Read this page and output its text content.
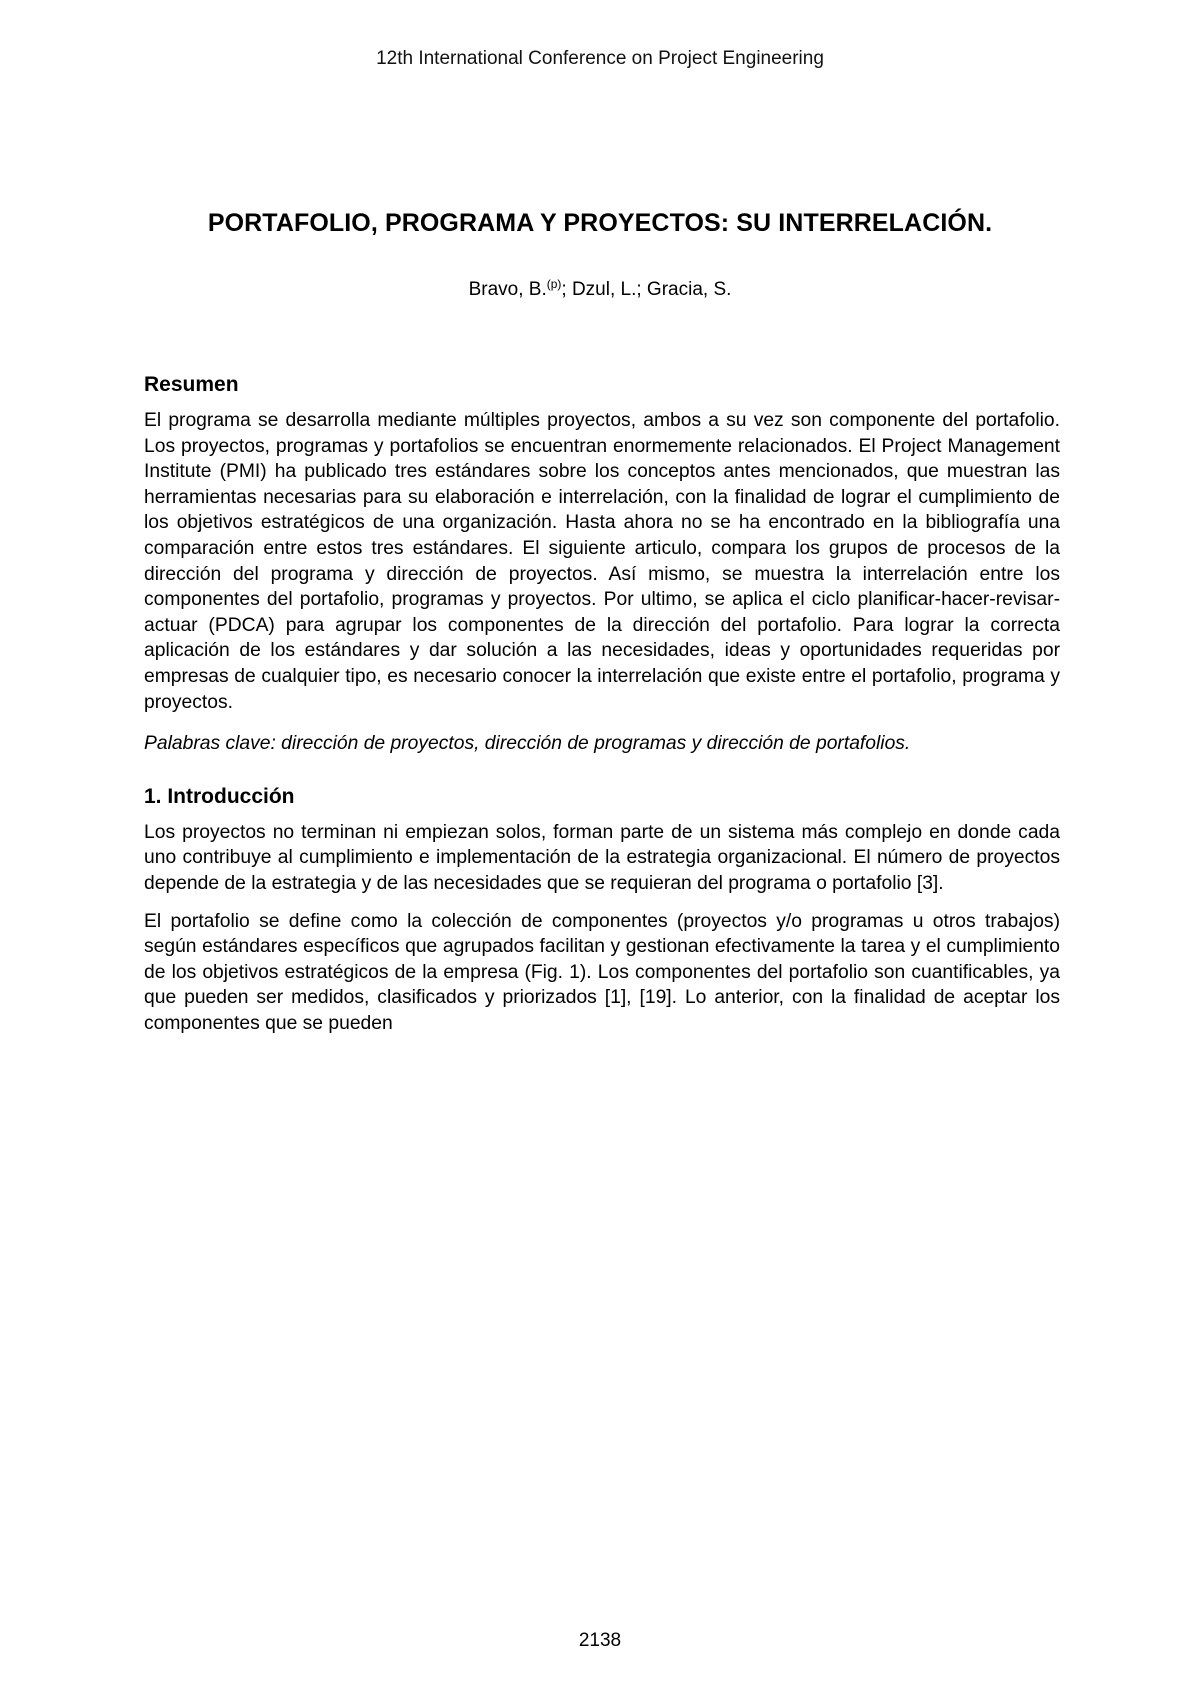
12th International Conference on Project Engineering
PORTAFOLIO, PROGRAMA Y PROYECTOS: SU INTERRELACIÓN.
Bravo, B.$^{(p)}$; Dzul, L.; Gracia, S.
Resumen

El programa se desarrolla mediante múltiples proyectos, ambos a su vez son componente del portafolio. Los proyectos, programas y portafolios se encuentran enormemente relacionados. El Project Management Institute (PMI) ha publicado tres estándares sobre los conceptos antes mencionados, que muestran las herramientas necesarias para su elaboración e interrelación, con la finalidad de lograr el cumplimiento de los objetivos estratégicos de una organización. Hasta ahora no se ha encontrado en la bibliografía una comparación entre estos tres estándares. El siguiente articulo, compara los grupos de procesos de la dirección del programa y dirección de proyectos. Así mismo, se muestra la interrelación entre los componentes del portafolio, programas y proyectos. Por ultimo, se aplica el ciclo planificar-hacer-revisar-actuar (PDCA) para agrupar los componentes de la dirección del portafolio. Para lograr la correcta aplicación de los estándares y dar solución a las necesidades, ideas y oportunidades requeridas por empresas de cualquier tipo, es necesario conocer la interrelación que existe entre el portafolio, programa y proyectos.

Palabras clave: dirección de proyectos, dirección de programas y dirección de portafolios.

1. Introducción

Los proyectos no terminan ni empiezan solos, forman parte de un sistema más complejo en donde cada uno contribuye al cumplimiento e implementación de la estrategia organizacional. El número de proyectos depende de la estrategia y de las necesidades que se requieran del programa o portafolio [3].

El portafolio se define como la colección de componentes (proyectos y/o programas u otros trabajos) según estándares específicos que agrupados facilitan y gestionan efectivamente la tarea y el cumplimiento de los objetivos estratégicos de la empresa (Fig. 1). Los componentes del portafolio son cuantificables, ya que pueden ser medidos, clasificados y priorizados [1], [19]. Lo anterior, con la finalidad de aceptar los componentes que se pueden

2138
